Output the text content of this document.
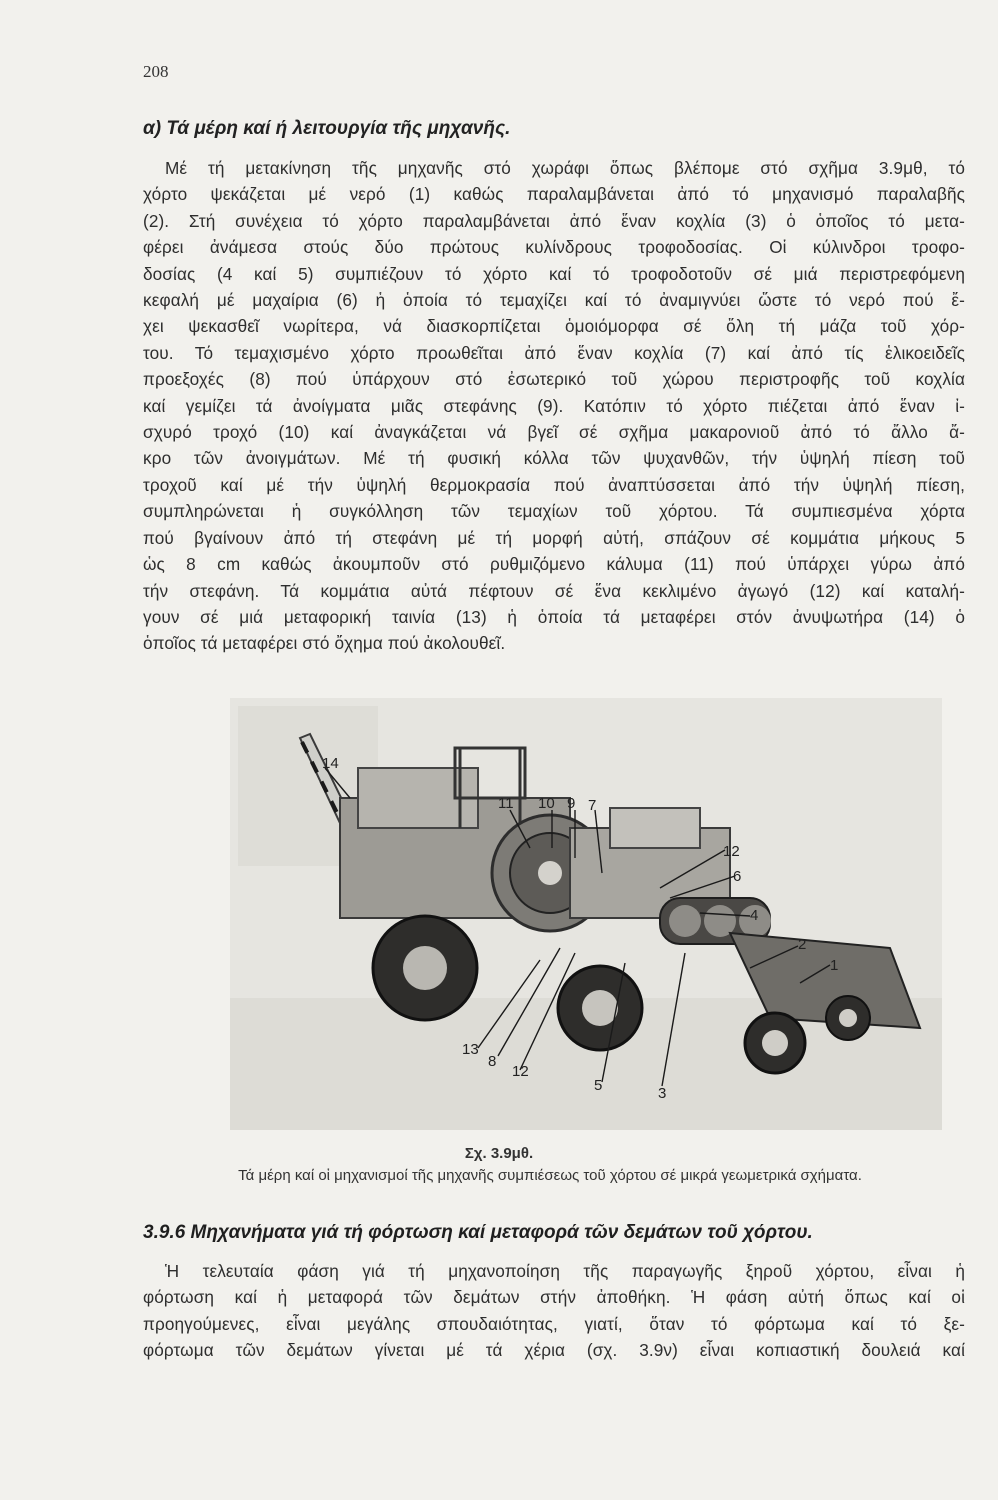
208
α) Τά μέρη καί ή λειτουργία τῆς μηχανῆς.
Μέ τή μετακίνηση τῆς μηχανῆς στό χωράφι ὅπως βλέπομε στό σχῆμα 3.9μθ, τό
χόρτο ψεκάζεται μέ νερό (1) καθώς παραλαμβάνεται ἀπό τό μηχανισμό παραλαβῆς
(2). Στή συνέχεια τό χόρτο παραλαμβάνεται ἀπό ἕναν κοχλία (3) ὁ ὁποῖος τό μετα-
φέρει ἀνάμεσα στούς δύο πρώτους κυλίνδρους τροφοδοσίας. Οἱ κύλινδροι τροφο-
δοσίας (4 καί 5) συμπιέζουν τό χόρτο καί τό τροφοδοτοῦν σέ μιά περιστρεφόμενη
κεφαλή μέ μαχαίρια (6) ἡ ὁποία τό τεμαχίζει καί τό ἀναμιγνύει ὥστε τό νερό πού ἔ-
χει ψεκασθεῖ νωρίτερα, νά διασκορπίζεται ὁμοιόμορφα σέ ὅλη τή μάζα τοῦ χόρ-
του. Τό τεμαχισμένο χόρτο προωθεῖται ἀπό ἕναν κοχλία (7) καί ἀπό τίς ἑλικοειδεῖς
προεξοχές (8) πού ὑπάρχουν στό ἐσωτερικό τοῦ χώρου περιστροφῆς τοῦ κοχλία
καί γεμίζει τά ἀνοίγματα μιᾶς στεφάνης (9). Κατόπιν τό χόρτο πιέζεται ἀπό ἕναν ἰ-
σχυρό τροχό (10) καί ἀναγκάζεται νά βγεῖ σέ σχῆμα μακαρονιοῦ ἀπό τό ἄλλο ἄ-
κρο τῶν ἀνοιγμάτων. Μέ τή φυσική κόλλα τῶν ψυχανθῶν, τήν ὑψηλή πίεση τοῦ
τροχοῦ καί μέ τήν ὑψηλή θερμοκρασία πού ἀναπτύσσεται ἀπό τήν ὑψηλή πίεση,
συμπληρώνεται ἡ συγκόλληση τῶν τεμαχίων τοῦ χόρτου. Τά συμπιεσμένα χόρτα
πού βγαίνουν ἀπό τή στεφάνη μέ τή μορφή αὐτή, σπάζουν σέ κομμάτια μήκους 5
ὡς 8 cm καθώς ἀκουμποῦν στό ρυθμιζόμενο κάλυμα (11) πού ὑπάρχει γύρω ἀπό
τήν στεφάνη. Τά κομμάτια αὐτά πέφτουν σέ ἕνα κεκλιμένο ἀγωγό (12) καί καταλή-
γουν σέ μιά μεταφορική ταινία (13) ἡ ὁποία τά μεταφέρει στόν ἀνυψωτήρα (14) ὁ
ὁποῖος τά μεταφέρει στό ὄχημα πού ἀκολουθεῖ.
14
11 10 9 7
12
6
4
2
1
13
8
12
5	3
Σχ. 3.9μθ.
Τά μέρη καί οἱ μηχανισμοί τῆς μηχανῆς συμπιέσεως τοῦ χόρτου σέ μικρά γεωμετρικά σχήματα.
3.9.6 Μηχανήματα γιά τή φόρτωση καί μεταφορά τῶν δεμάτων τοῦ χόρτου.
Ἡ τελευταία φάση γιά τή μηχανοποίηση τῆς παραγωγῆς ξηροῦ χόρτου, εἶναι ἡ
φόρτωση καί ἡ μεταφορά τῶν δεμάτων στήν ἀποθήκη. Ἡ φάση αὐτή ὅπως καί οἱ
προηγούμενες, εἶναι μεγάλης σπουδαιότητας, γιατί, ὅταν τό φόρτωμα καί τό ξε-
φόρτωμα τῶν δεμάτων γίνεται μέ τά χέρια (σχ. 3.9ν) εἶναι κοπιαστική δουλειά καί
